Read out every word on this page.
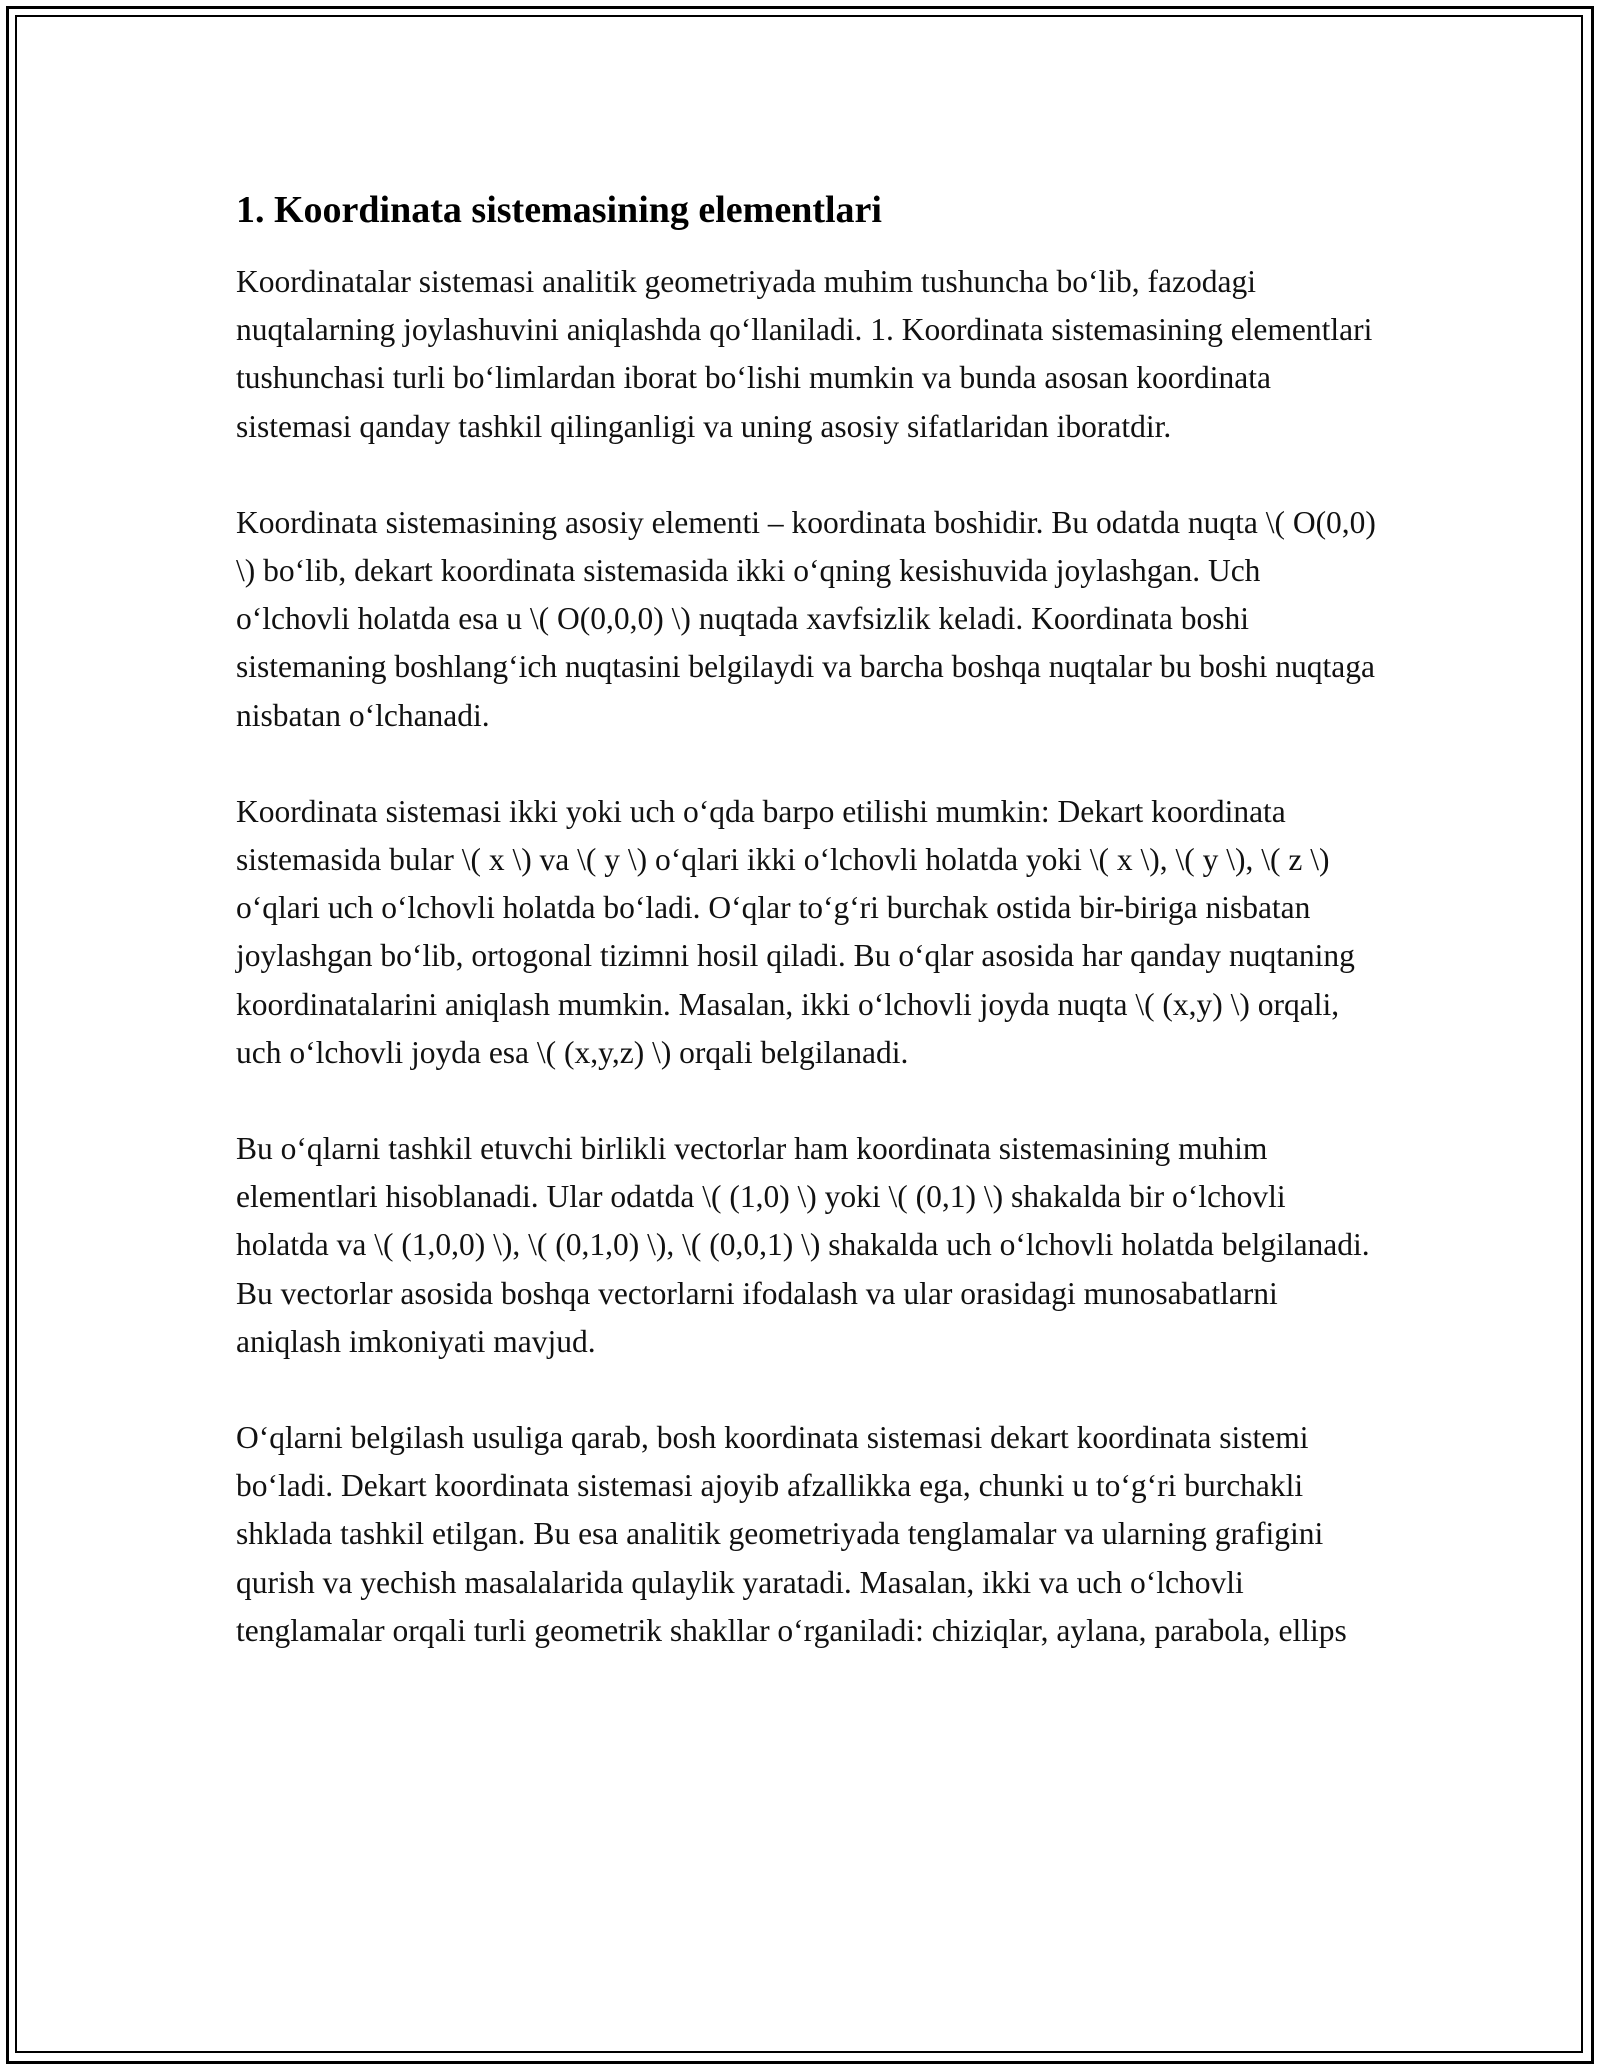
1. Koordinata sistemasining elementlari

Koordinatalar sistemasi analitik geometriyada muhim tushuncha bo‘lib, fazodagi nuqtalarning joylashuvini aniqlashda qo‘llaniladi. 1. Koordinata sistemasining elementlari tushunchasi turli bo‘limlardan iborat bo‘lishi mumkin va bunda asosan koordinata sistemasi qanday tashkil qilinganligi va uning asosiy sifatlaridan iboratdir.

Koordinata sistemasining asosiy elementi – koordinata boshidir. Bu odatda nuqta \( O(0,0) \) bo‘lib, dekart koordinata sistemasida ikki o‘qning kesishuvida joylashgan. Uch o‘lchovli holatda esa u \( O(0,0,0) \) nuqtada xavfsizlik keladi. Koordinata boshi sistemaning boshlang‘ich nuqtasini belgilaydi va barcha boshqa nuqtalar bu boshi nuqtaga nisbatan o‘lchanadi.

Koordinata sistemasi ikki yoki uch o‘qda barpo etilishi mumkin: Dekart koordinata sistemasida bular \( x \) va \( y \) o‘qlari ikki o‘lchovli holatda yoki \( x \), \( y \), \( z \) o‘qlari uch o‘lchovli holatda bo‘ladi. O‘qlar to‘g‘ri burchak ostida bir-biriga nisbatan joylashgan bo‘lib, ortogonal tizimni hosil qiladi. Bu o‘qlar asosida har qanday nuqtaning koordinatalarini aniqlash mumkin. Masalan, ikki o‘lchovli joyda nuqta \( (x,y) \) orqali, uch o‘lchovli joyda esa \( (x,y,z) \) orqali belgilanadi.

Bu o‘qlarni tashkil etuvchi birlikli vectorlar ham koordinata sistemasining muhim elementlari hisoblanadi. Ular odatda \( (1,0) \) yoki \( (0,1) \) shakalda bir o‘lchovli holatda va \( (1,0,0) \), \( (0,1,0) \), \( (0,0,1) \) shakalda uch o‘lchovli holatda belgilanadi. Bu vectorlar asosida boshqa vectorlarni ifodalash va ular orasidagi munosabatlarni aniqlash imkoniyati mavjud.

O‘qlarni belgilash usuliga qarab, bosh koordinata sistemasi dekart koordinata sistemi bo‘ladi. Dekart koordinata sistemasi ajoyib afzallikka ega, chunki u to‘g‘ri burchakli shklada tashkil etilgan. Bu esa analitik geometriyada tenglamalar va ularning grafigini qurish va yechish masalalarida qulaylik yaratadi. Masalan, ikki va uch o‘lchovli tenglamalar orqali turli geometrik shakllar o‘rganiladi: chiziqlar, aylana, parabola, ellips
